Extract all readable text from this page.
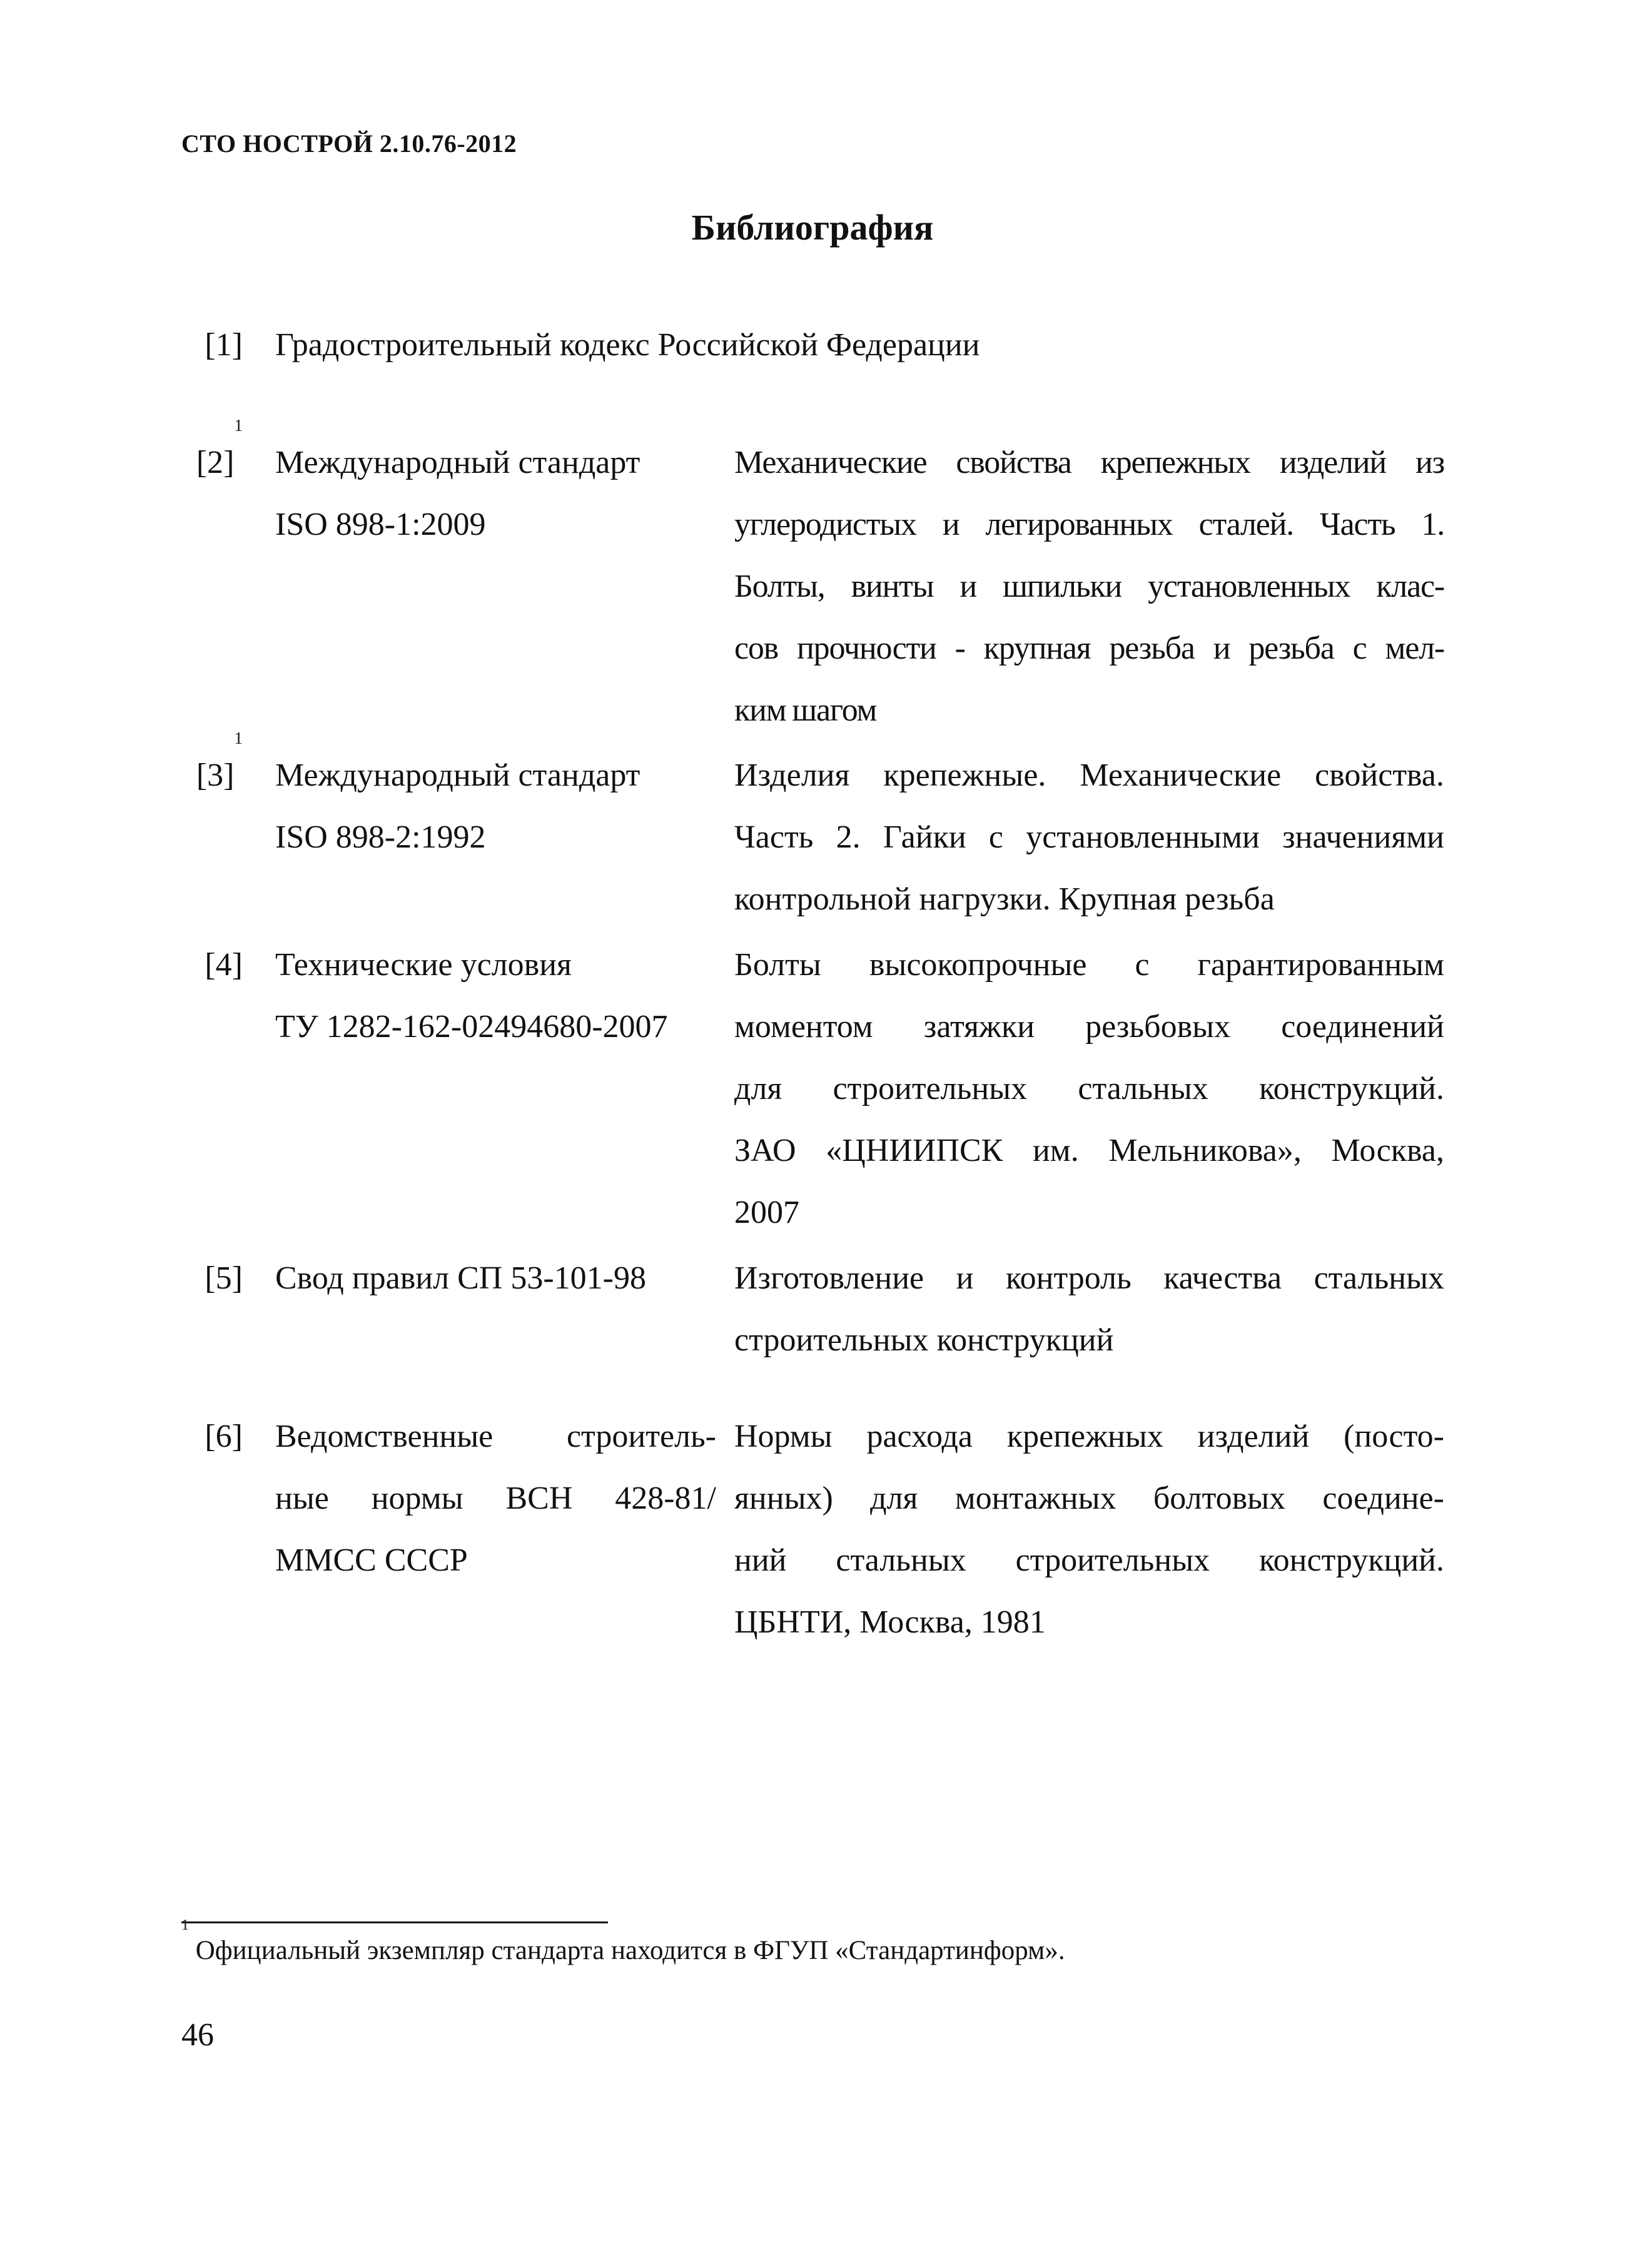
СТО НОСТРОЙ 2.10.76-2012
Библиография
[1] Градостроительный кодекс Российской Федерации
$[2]^1$
Международный стандарт
ISO 898-1:2009
Механические свойства крепежных изделий из
углеродистых и легированных сталей. Часть 1.
Болты, винты и шпильки установленных клас-
сов прочности - крупная резьба и резьба с мел-
ким шагом
$[3]^1$
Международный стандарт
ISO 898-2:1992
Изделия крепежные. Механические свойства.
Часть 2. Гайки с установленными значениями
контрольной нагрузки. Крупная резьба
[4] Технические условия
ТУ 1282-162-02494680-2007
Болты высокопрочные с гарантированным
моментом затяжки резьбовых соединений
для строительных стальных конструкций.
ЗАО «ЦНИИПСК им. Мельникова», Москва,
2007
[5] Свод правил СП 53-101-98	Изготовление и контроль качества стальных
строительных конструкций
[6] Ведомственные строитель-
ные нормы ВСН 428-81/
ММСС СССР
Нормы расхода крепежных изделий (посто-
янных) для монтажных болтовых соедине-
ний стальных строительных конструкций.
ЦБНТИ, Москва, 1981
$^1$ Официальный экземпляр стандарта находится в ФГУП «Стандартинформ».
46
